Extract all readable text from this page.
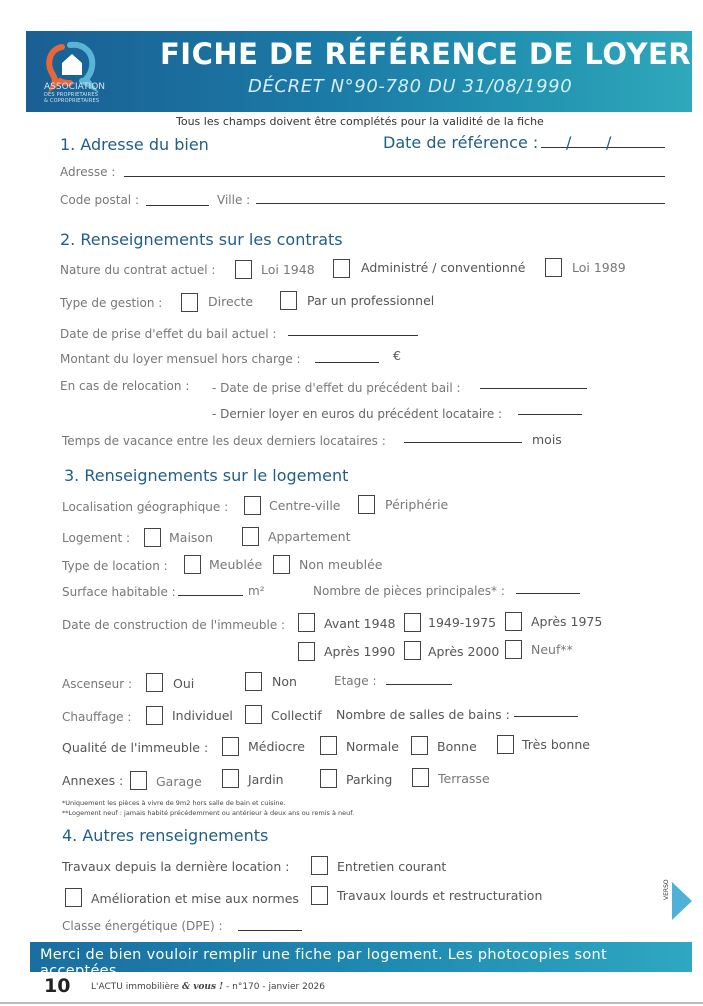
ASSOCIATION
DES PROPRIETAIRES
& COPROPRIETAIRES
FICHE DE RÉFÉRENCE DE LOYER
DÉCRET N°90-780 DU 31/08/1990
Tous les champs doivent être complétés pour la validité de la fiche
1. Adresse du bien	Date de référence : / /
Adresse :
Code postal :	Ville :
2. Renseignements sur les contrats
Nature du contrat actuel :	Loi 1948	Administré / conventionné	Loi 1989
Type de gestion :	Directe	Par un professionnel
Date de prise d'effet du bail actuel :
Montant du loyer mensuel hors charge :	€
En cas de relocation : - Date de prise d'effet du précédent bail :
- Dernier loyer en euros du précédent locataire :
Temps de vacance entre les deux derniers locataires :	mois
3. Renseignements sur le logement
Localisation géographique :	Centre-ville	Périphérie
Logement :	Maison	Appartement
Type de location :	Meublée	Non meublée
Surface habitable :	m²	Nombre de pièces principales* :
Date de construction de l'immeuble :	Avant 1948	1949-1975	Après 1975
Après 1990	Après 2000	Neuf**
Ascenseur :	Oui	Non	Etage :
Chauffage :	Individuel	Collectif Nombre de salles de bains :
Qualité de l'immeuble :	Médiocre	Normale	Bonne	Très bonne
Annexes :	Garage	Jardin	Parking	Terrasse
*Uniquement les pièces à vivre de 9m2 hors salle de bain et cuisine.
**Logement neuf : jamais habité précédemment ou antérieur à deux ans ou remis à neuf.
4. Autres renseignements
Travaux depuis la dernière location :	Entretien courant
Amélioration et mise aux normes	Travaux lourds et restructuration
Classe énergétique (DPE) :
VERSO
Merci de bien vouloir remplir une fiche par logement. Les photocopies sont acceptées.
10 L'ACTU immobilière & vous ! - n°170 - janvier 2026
